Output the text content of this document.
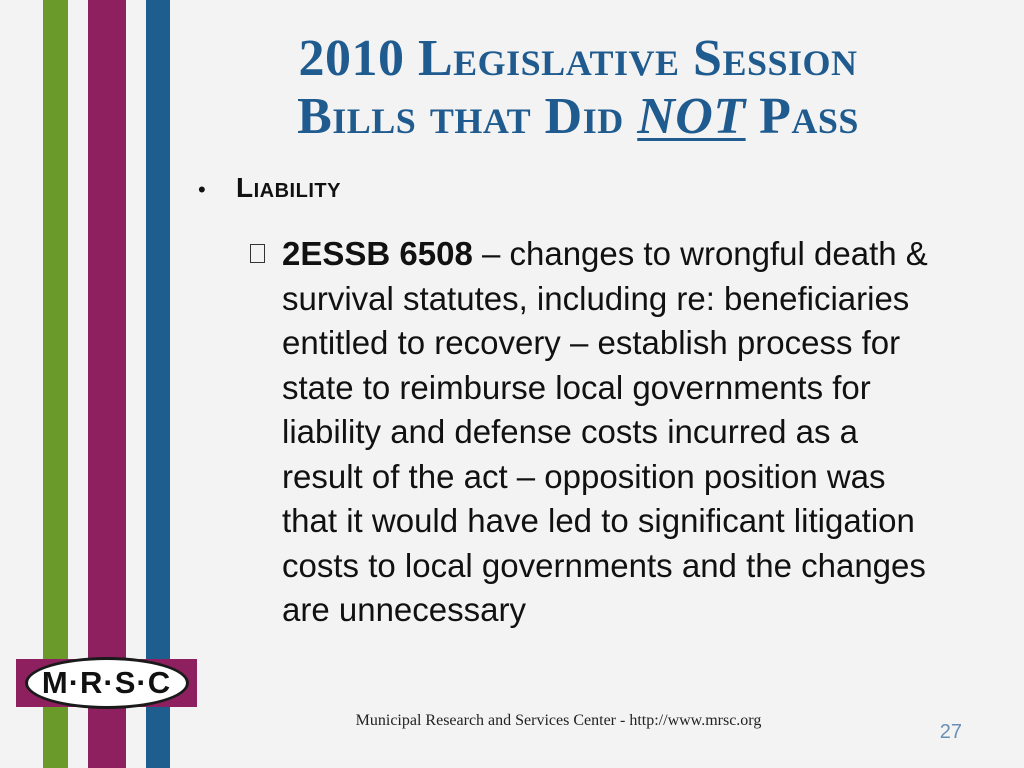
2010 Legislative Session
Bills that Did NOT Pass
•	Liability
2ESSB 6508 – changes to wrongful death & survival statutes, including re: beneficiaries entitled to recovery – establish process for state to reimburse local governments for liability and defense costs incurred as a result of the act – opposition position was that it would have led to significant litigation costs to local governments and the changes are unnecessary
M·R·S·C
Municipal Research and Services Center - http://www.mrsc.org
27
